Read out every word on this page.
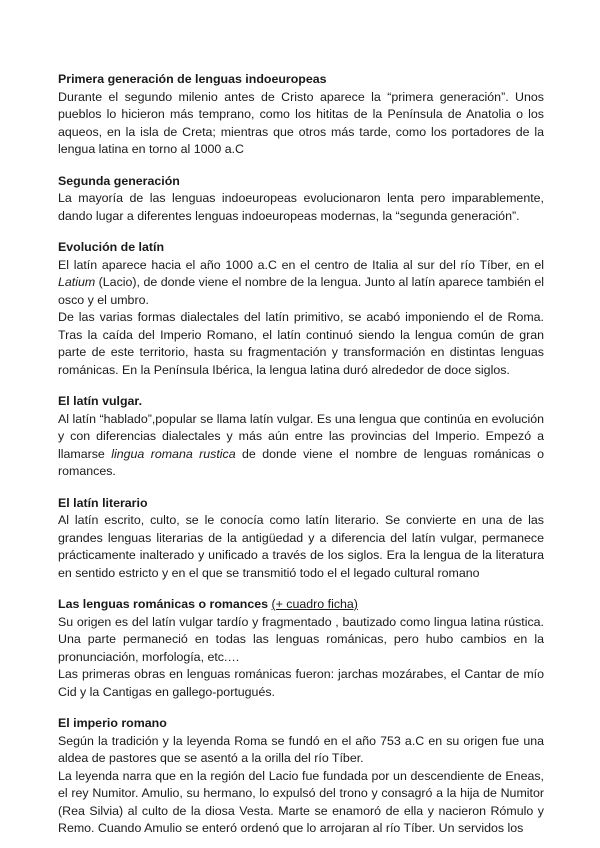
Primera generación de lenguas indoeuropeas

Durante el segundo milenio antes de Cristo aparece la “primera generación”. Unos pueblos lo hicieron más temprano, como los hititas de la Península de Anatolia o los aqueos, en la isla de Creta; mientras que otros más tarde, como los portadores de la lengua latina en torno al 1000 a.C

Segunda generación

La mayoría de las lenguas indoeuropeas evolucionaron lenta pero imparablemente, dando lugar a diferentes lenguas indoeuropeas modernas, la “segunda generación”.

Evolución de latín

El latín aparece hacia el año 1000 a.C en el centro de Italia al sur del río Tíber, en el Latium (Lacio), de donde viene el nombre de la lengua. Junto al latín aparece también el osco y el umbro.

De las varias formas dialectales del latín primitivo, se acabó imponiendo el de Roma. Tras la caída del Imperio Romano, el latín continuó siendo la lengua común de gran parte de este territorio, hasta su fragmentación y transformación en distintas lenguas románicas. En la Península Ibérica, la lengua latina duró alrededor de doce siglos.

El latín vulgar.

Al latín “hablado”,popular se llama latín vulgar. Es una lengua que continúa en evolución y con diferencias dialectales y más aún entre las provincias del Imperio. Empezó a llamarse lingua romana rustica de donde viene el nombre de lenguas románicas o romances.

El latín literario

Al latín escrito, culto, se le conocía como latín literario. Se convierte en una de las grandes lenguas literarias de la antigüedad y a diferencia del latín vulgar, permanece prácticamente inalterado y unificado a través de los siglos. Era la lengua de la literatura en sentido estricto y en el que se transmitió todo el el legado cultural romano

Las lenguas románicas o romances (+ cuadro ficha)

Su origen es del latín vulgar tardío y fragmentado , bautizado como lingua latina rústica. Una parte permaneció en todas las lenguas románicas, pero hubo cambios en la pronunciación, morfología, etc.…

Las primeras obras en lenguas románicas fueron: jarchas mozárabes, el Cantar de mío Cid y la Cantigas en gallego-portugués.

El imperio romano

Según la tradición y la leyenda Roma se fundó en el año 753 a.C en su origen fue una aldea de pastores que se asentó a la orilla del río Tíber.

La leyenda narra que en la región del Lacio fue fundada por un descendiente de Eneas, el rey Numitor. Amulio, su hermano, lo expulsó del trono y consagró a la hija de Numitor (Rea Silvia) al culto de la diosa Vesta. Marte se enamoró de ella y nacieron Rómulo y Remo. Cuando Amulio se enteró ordenó que lo arrojaran al río Tíber. Un servidos los
